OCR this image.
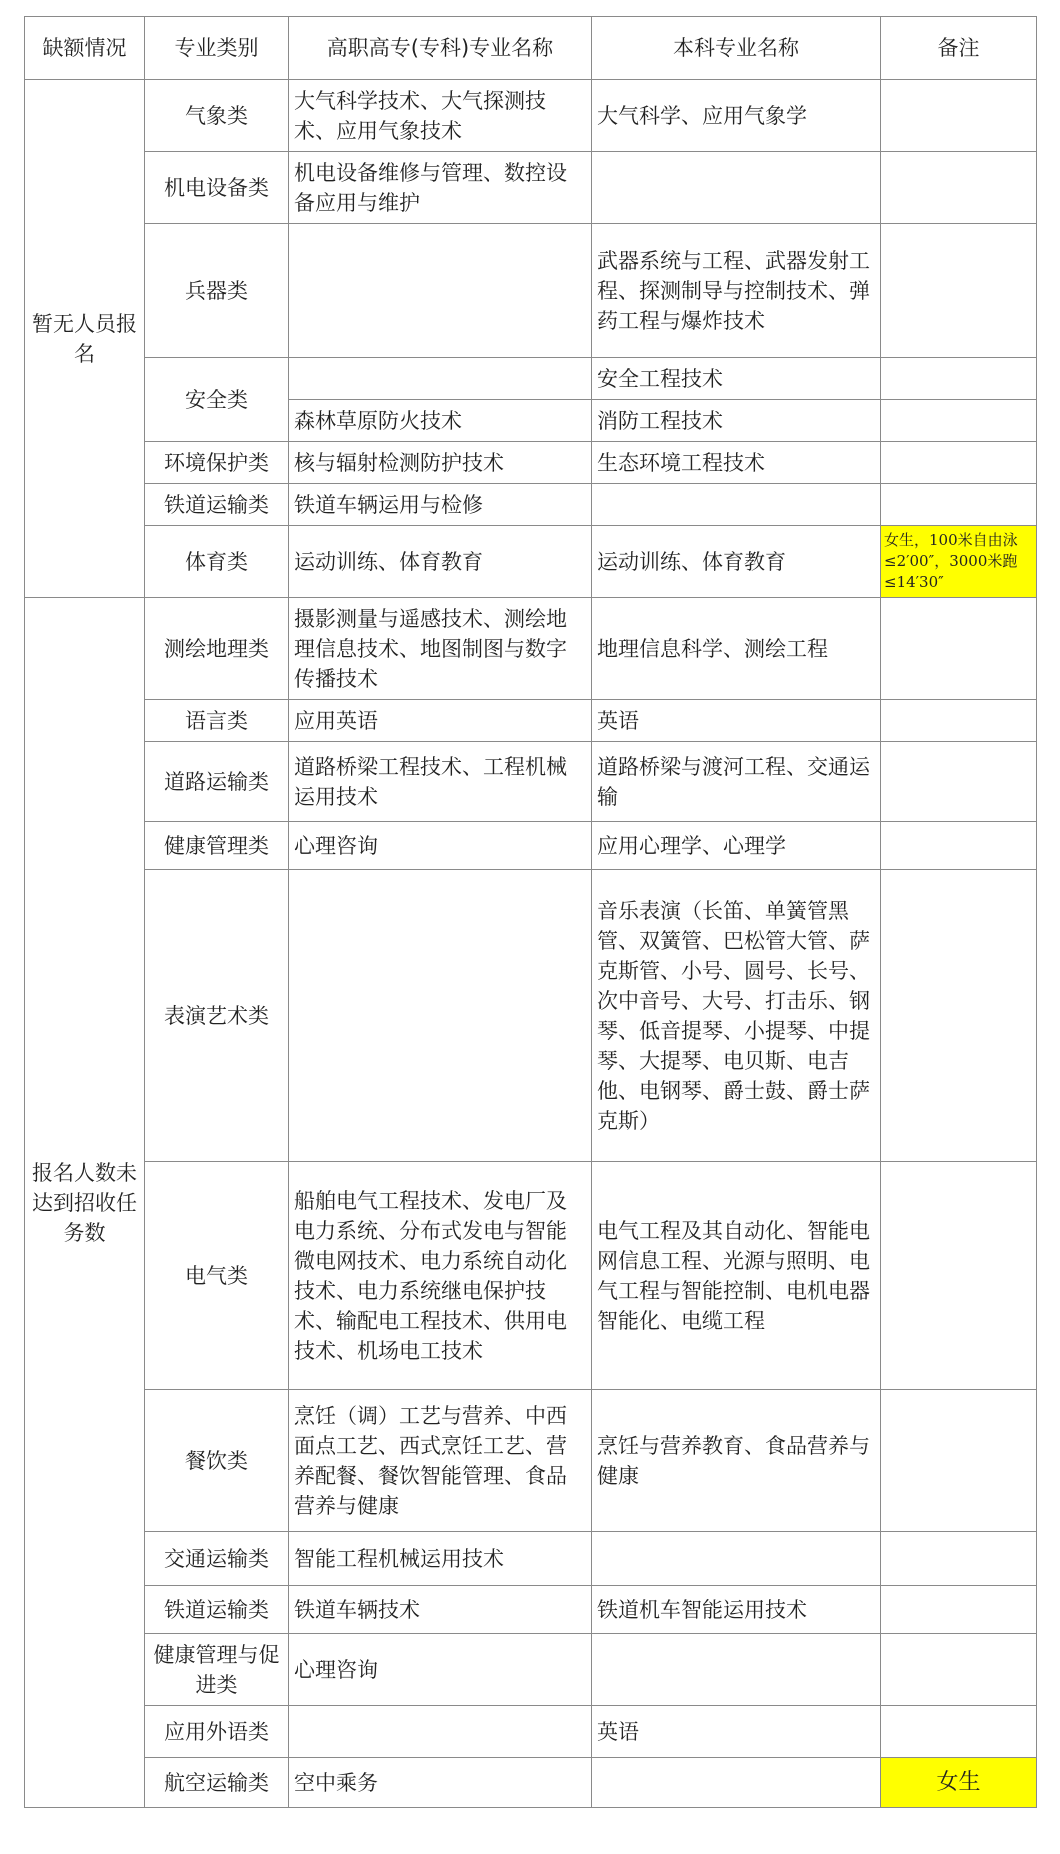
缺额情况	专业类别	高职高专(专科)专业名称	本科专业名称	备注
暂无人员报名	气象类	大气科学技术、大气探测技术、应用气象技术	大气科学、应用气象学	
	机电设备类	机电设备维修与管理、数控设备应用与维护		
	兵器类		武器系统与工程、武器发射工程、探测制导与控制技术、弹药工程与爆炸技术	
	安全类		安全工程技术	
		森林草原防火技术	消防工程技术	
	环境保护类	核与辐射检测防护技术	生态环境工程技术	
	铁道运输类	铁道车辆运用与检修		
	体育类	运动训练、体育教育	运动训练、体育教育	女生，100米自由泳≤2′00″，3000米跑≤14′30″
报名人数未达到招收任务数	测绘地理类	摄影测量与遥感技术、测绘地理信息技术、地图制图与数字传播技术	地理信息科学、测绘工程	
	语言类	应用英语	英语	
	道路运输类	道路桥梁工程技术、工程机械运用技术	道路桥梁与渡河工程、交通运输	
	健康管理类	心理咨询	应用心理学、心理学	
	表演艺术类		音乐表演（长笛、单簧管黑管、双簧管、巴松管大管、萨克斯管、小号、圆号、长号、次中音号、大号、打击乐、钢琴、低音提琴、小提琴、中提琴、大提琴、电贝斯、电吉他、电钢琴、爵士鼓、爵士萨克斯）	
	电气类	船舶电气工程技术、发电厂及电力系统、分布式发电与智能微电网技术、电力系统自动化技术、电力系统继电保护技术、输配电工程技术、供用电技术、机场电工技术	电气工程及其自动化、智能电网信息工程、光源与照明、电气工程与智能控制、电机电器智能化、电缆工程	
	餐饮类	烹饪（调）工艺与营养、中西面点工艺、西式烹饪工艺、营养配餐、餐饮智能管理、食品营养与健康	烹饪与营养教育、食品营养与健康	
	交通运输类	智能工程机械运用技术		
	铁道运输类	铁道车辆技术	铁道机车智能运用技术	
	健康管理与促进类	心理咨询		
	应用外语类		英语	
	航空运输类	空中乘务		女生
